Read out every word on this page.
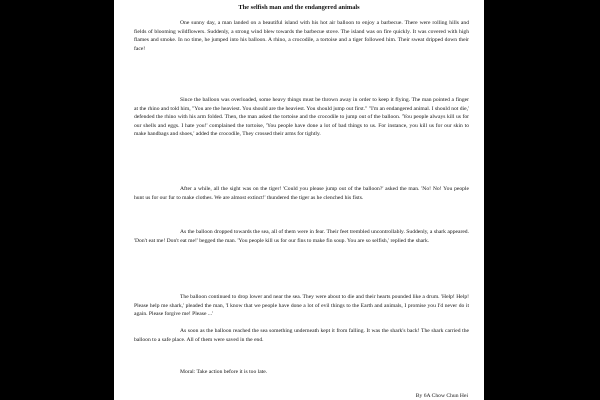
The selfish man and the endangered animals

One sunny day, a man landed on a beautiful island with his hot air balloon to enjoy a barbecue. There were rolling hills and fields of blooming wildflowers. Suddenly, a strong wind blew towards the barbecue stove. The island was on fire quickly. It was covered with high flames and smoke. In no time, he jumped into his balloon. A rhino, a crocodile, a tortoise and a tiger followed him. Their sweat dripped down their face!

Since the balloon was overloaded, some heavy things must be thrown away in order to keep it flying. The man pointed a finger at the rhino and told him, "You are the heaviest. You should are the heaviest. You should jump out first." "I'm an endangered animal. I should not die,' defended the rhino with his arm folded. Then, the man asked the tortoise and the crocodile to jump out of the balloon. 'You people always kill us for our shells and eggs. I hate you!' complained the tortoise, 'You people have done a lot of bad things to us. For instance, you kill us for our skin to make handbags and shoes,' added the crocodile, They crossed their arms for tightly.

After a while, all the sight was on the tiger! 'Could you please jump out of the balloon?' asked the man. 'No! No! You people hunt us for our fur to make clothes. We are almost extinct!' thundered the tiger as he clenched his fists.

As the balloon dropped towards the sea, all of them were in fear. Their feet trembled uncontrollably. Suddenly, a shark appeared. 'Don't eat me! Don't eat me!' begged the man. 'You people kill us for our fins to make fin soup. You are so selfish,' replied the shark.

The balloon continued to drop lower and near the sea. They were about to die and their hearts pounded like a drum. 'Help! Help! Please help me shark,' pleaded the man, 'I know that we people have done a lot of evil things to the Earth and animals, I promise you I'd never do it again. Please forgive me! Please ...'

As soon as the balloon reached the sea something underneath kept it from falling. It was the shark's back! The shark carried the balloon to a safe place. All of them were saved in the end.

Moral: Take action before it is too late.

By 6A Chow Chun Hei
